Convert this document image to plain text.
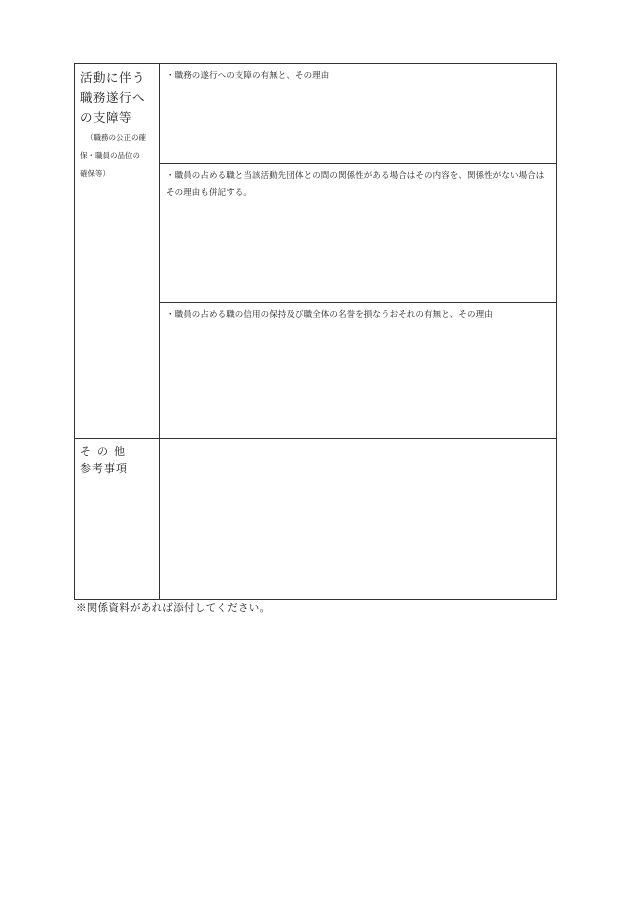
活動に伴う職務遂行への支障等
（職務の公正の確
保・職員の品位の
確保等）	・職務の遂行への支障の有無と、その理由

	・職員の占める職と当該活動先団体との間の関係性がある場合はその内容を、関係性がない場合はその理由も併記する。

	・職員の占める職の信用の保持及び職全体の名誉を損なうおそれの有無と、その理由

その他
参考事項	

※関係資料があれば添付してください。
